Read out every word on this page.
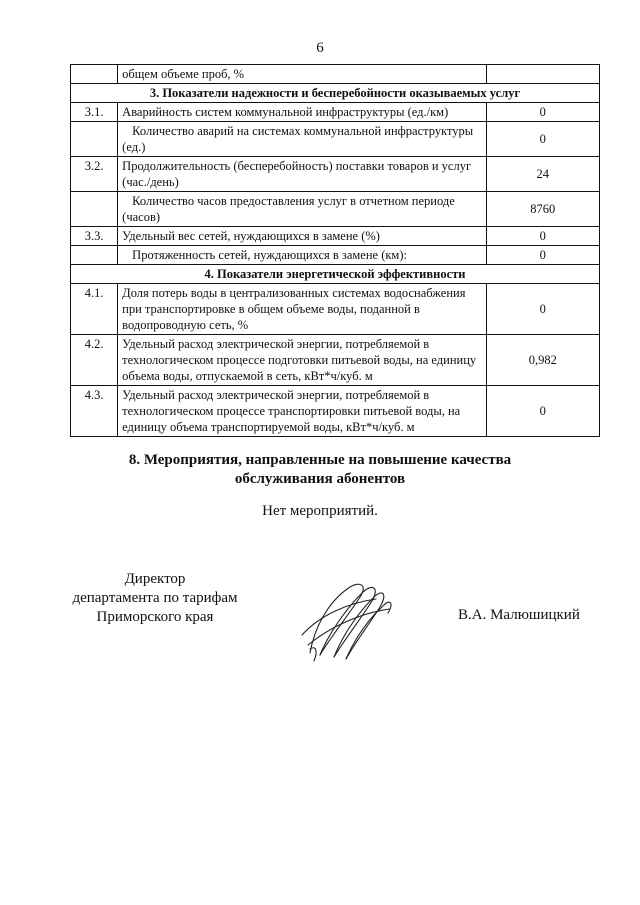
6
	общем объеме проб, %	
3. Показатели надежности и бесперебойности оказываемых услуг		
3.1.	Аварийность систем коммунальной инфраструктуры (ед./км)	0
	Количество аварий на системах коммунальной инфраструктуры (ед.)	0
3.2.	Продолжительность (бесперебойность) поставки товаров и услуг (час./день)	24
	Количество часов предоставления услуг в отчетном периоде (часов)	8760
3.3.	Удельный вес сетей, нуждающихся в замене (%)	0
	Протяженность сетей, нуждающихся в замене (км):	0
4. Показатели энергетической эффективности		
4.1.	Доля потерь воды в централизованных системах водоснабжения при транспортировке в общем объеме воды, поданной в водопроводную сеть, %	0
4.2.	Удельный расход электрической энергии, потребляемой в технологическом процессе подготовки питьевой воды, на единицу объема воды, отпускаемой в сеть, кВт*ч/куб. м	0,982
4.3.	Удельный расход электрической энергии, потребляемой в технологическом процессе транспортировки питьевой воды, на единицу объема транспортируемой воды, кВт*ч/куб. м	0
8. Мероприятия, направленные на повышение качества
обслуживания абонентов
Нет мероприятий.
Директор
департамента по тарифам
Приморского края	В.А. Малюшицкий
